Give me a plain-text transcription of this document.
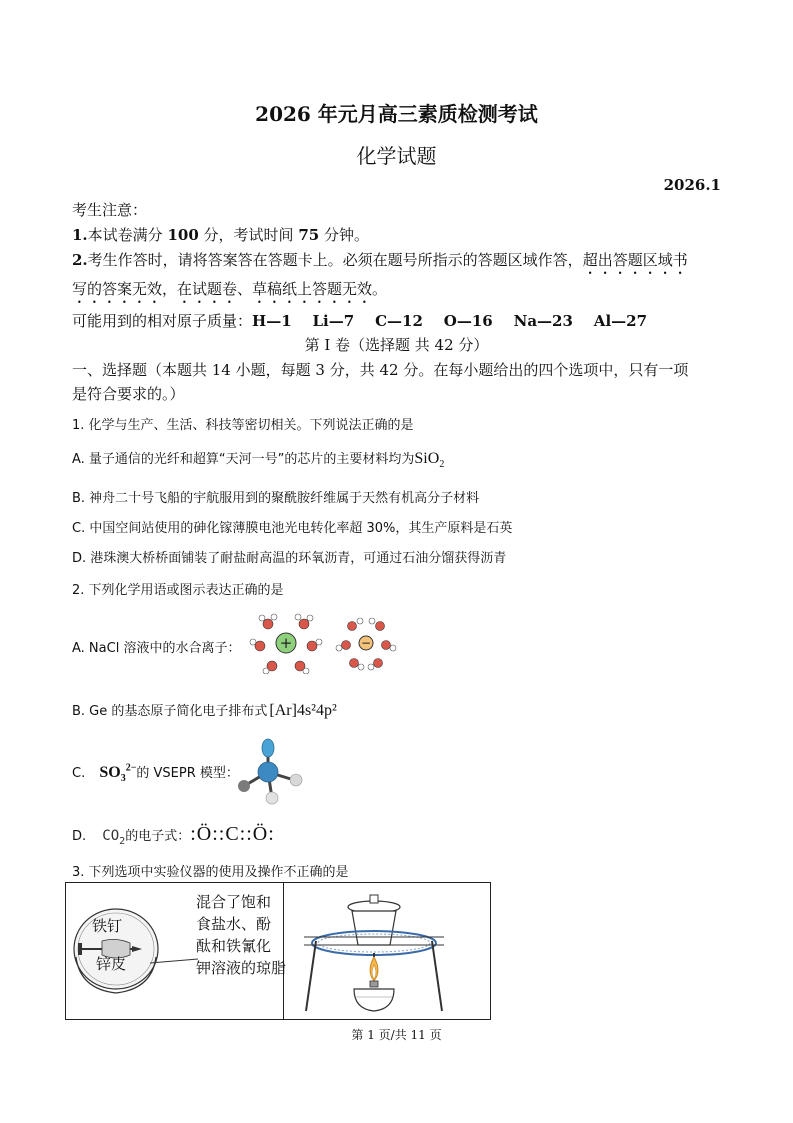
2026 年元月高三素质检测考试
化学试题
2026.1
考生注意：
1.本试卷满分 100 分，考试时间 75 分钟。
2.考生作答时，请将答案答在答题卡上。必须在题号所指示的答题区域作答，超出答题区域书
写的答案无效，在试题卷、草稿纸上答题无效。
可能用到的相对原子质量：H—1    Li—7    C—12    O—16    Na—23    Al—27
第 I 卷（选择题 共 42 分）
一、选择题（本题共 14 小题，每题 3 分，共 42 分。在每小题给出的四个选项中，只有一项
是符合要求的。）
1. 化学与生产、生活、科技等密切相关。下列说法正确的是
A. 量子通信的光纤和超算“天河一号”的芯片的主要材料均为SiO$_2$
B. 神舟二十号飞船的宇航服用到的聚酰胺纤维属于天然有机高分子材料
C. 中国空间站使用的砷化镓薄膜电池光电转化率超 30%，其生产原料是石英
D. 港珠澳大桥桥面铺装了耐盐耐高温的环氧沥青，可通过石油分馏获得沥青
2. 下列化学用语或图示表达正确的是
A. NaCl 溶液中的水合离子：	+	−
B. Ge 的基态原子简化电子排布式 [Ar]4s²4p²
C. $SO_3^{2-}$的 VSEPR 模型：
D. $CO_2$的电子式：:Ö::C::Ö:
3. 下列选项中实验仪器的使用及操作不正确的是
铁钉
锌皮
混合了饱和
食盐水、酚
酞和铁氰化
钾溶液的琼脂
第 1 页/共 11 页
